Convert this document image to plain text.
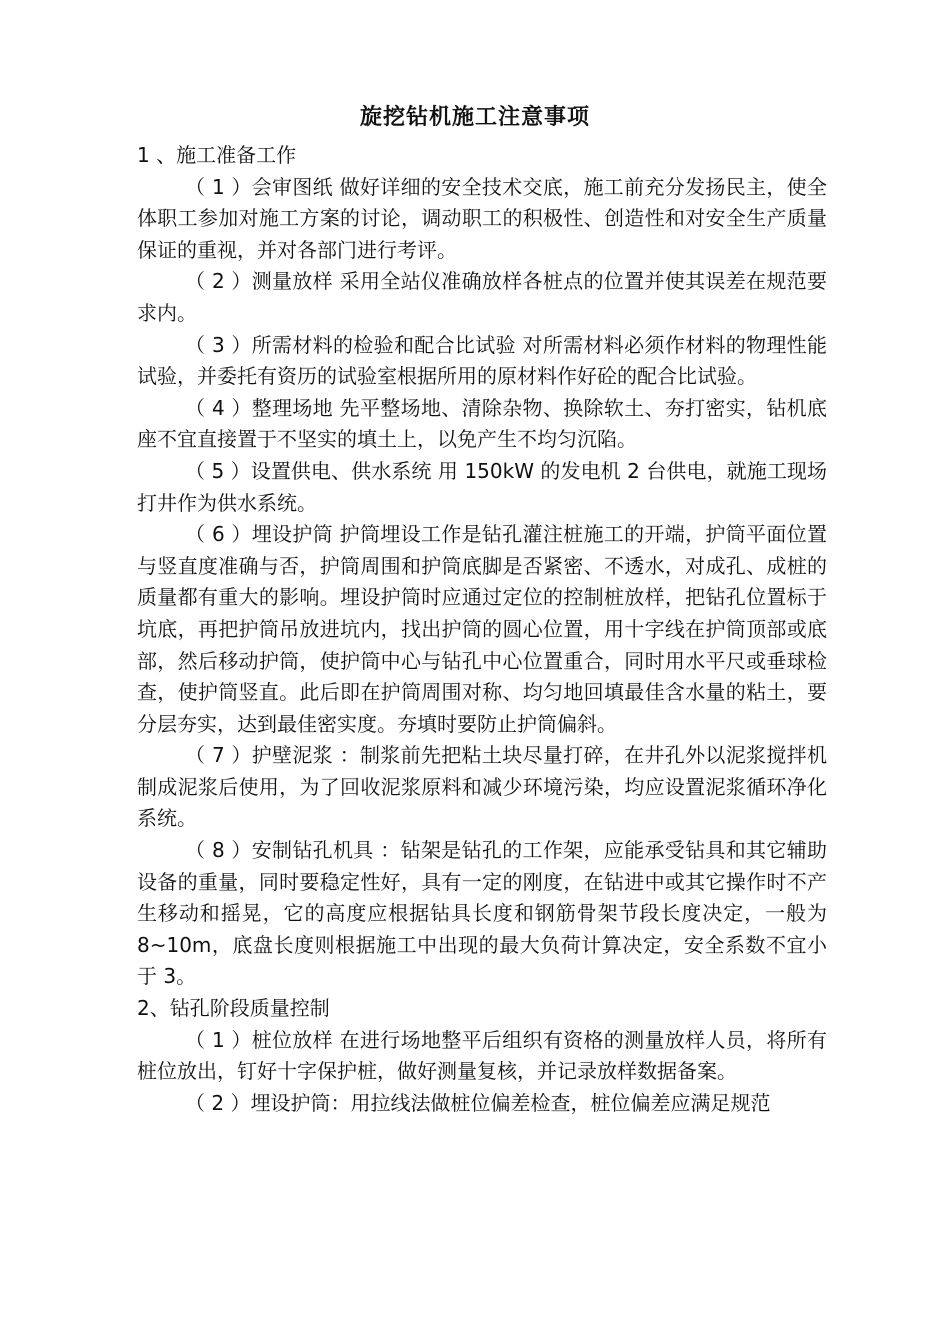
旋挖钻机施工注意事项

1 、施工准备工作

（ 1 ）会审图纸 做好详细的安全技术交底，施工前充分发扬民主，使全体职工参加对施工方案的讨论，调动职工的积极性、创造性和对安全生产质量保证的重视，并对各部门进行考评。

（ 2 ）测量放样 采用全站仪准确放样各桩点的位置并使其误差在规范要求内。

（ 3 ）所需材料的检验和配合比试验 对所需材料必须作材料的物理性能试验，并委托有资历的试验室根据所用的原材料作好砼的配合比试验。

（ 4 ）整理场地 先平整场地、清除杂物、换除软土、夯打密实，钻机底座不宜直接置于不坚实的填土上，以免产生不均匀沉陷。

（ 5 ）设置供电、供水系统 用 150kW 的发电机 2 台供电，就施工现场打井作为供水系统。

（ 6 ）埋设护筒 护筒埋设工作是钻孔灌注桩施工的开端，护筒平面位置与竖直度准确与否，护筒周围和护筒底脚是否紧密、不透水，对成孔、成桩的质量都有重大的影响。埋设护筒时应通过定位的控制桩放样，把钻孔位置标于坑底，再把护筒吊放进坑内，找出护筒的圆心位置，用十字线在护筒顶部或底部，然后移动护筒，使护筒中心与钻孔中心位置重合，同时用水平尺或垂球检查，使护筒竖直。此后即在护筒周围对称、均匀地回填最佳含水量的粘土，要分层夯实，达到最佳密实度。夯填时要防止护筒偏斜。

（ 7 ）护壁泥浆 ：制浆前先把粘土块尽量打碎，在井孔外以泥浆搅拌机制成泥浆后使用，为了回收泥浆原料和减少环境污染，均应设置泥浆循环净化系统。

（ 8 ）安制钻孔机具 ：钻架是钻孔的工作架，应能承受钻具和其它辅助设备的重量，同时要稳定性好，具有一定的刚度，在钻进中或其它操作时不产生移动和摇晃，它的高度应根据钻具长度和钢筋骨架节段长度决定，一般为 8~10m，底盘长度则根据施工中出现的最大负荷计算决定，安全系数不宜小于 3。

2、钻孔阶段质量控制

（ 1 ）桩位放样 在进行场地整平后组织有资格的测量放样人员，将所有桩位放出，钉好十字保护桩，做好测量复核，并记录放样数据备案。

（ 2 ）埋设护筒：用拉线法做桩位偏差检查，桩位偏差应满足规范
